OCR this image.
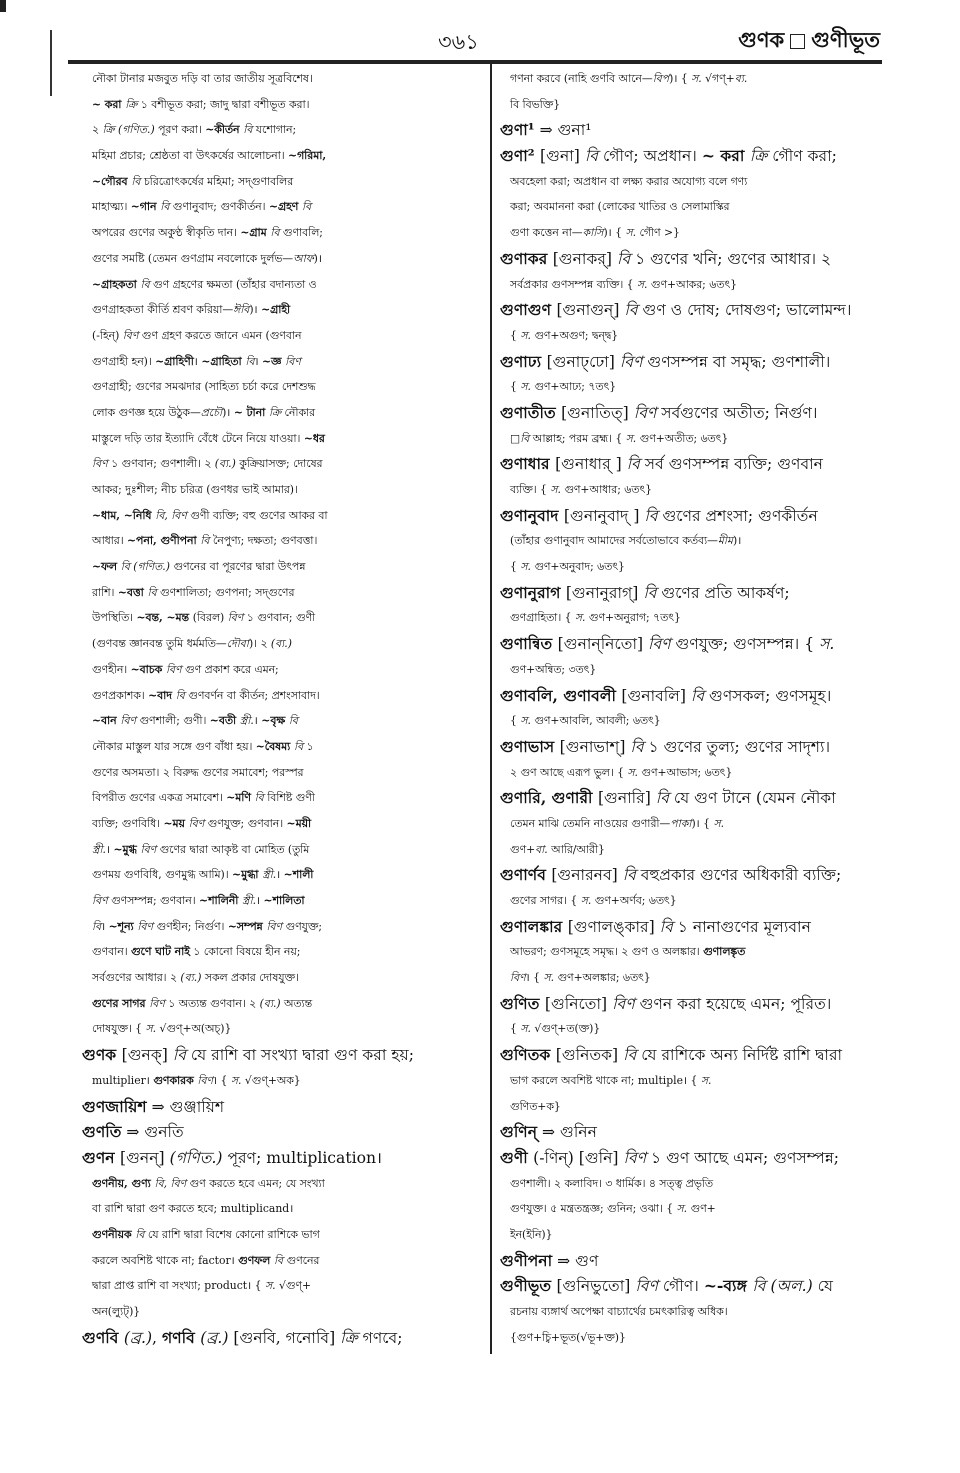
৩৬১	গুণক গুণীভূত
নৌকা টানার মজবুত দড়ি বা তার জাতীয় সূত্রবিশেষ।
~ করা ক্রি ১ বশীভূত করা; জাদু দ্বারা বশীভূত করা।
২ ক্রি (গণিত.) পূরণ করা। ~কীর্তন বি যশোগান;
মহিমা প্রচার; শ্রেষ্ঠতা বা উৎকর্ষের আলোচনা। ~গরিমা,
~গৌরব বি চরিত্রোৎকর্ষের মহিমা; সদ্গুণাবলির
মাহাত্ম্য। ~গান বি গুণানুবাদ; গুণকীর্তন। ~গ্রহণ বি
অপরের গুণের অকুণ্ঠ স্বীকৃতি দান। ~গ্রাম বি গুণাবলি;
গুণের সমষ্টি (তেমন গুণগ্রাম নবলোকে দুর্লভ—আফ)।
~গ্রাহকতা বি গুণ গ্রহণের ক্ষমতা (তাঁহার বদান্যতা ও
গুণগ্রাহকতা কীর্তি শ্রবণ করিয়া—ঈবি)। ~গ্রাহী
(-হিন্) বিণ গুণ গ্রহণ করতে জানে এমন (গুণবান
গুণগ্রাহী হন)। ~গ্রাহিণী। ~গ্রাহিতা বি। ~জ্ঞ বিণ
গুণগ্রাহী; গুণের সমঝদার (সাহিত্য চর্চা করে দেশশুদ্ধ
লোক গুণজ্ঞ হয়ে উঠুক—প্রচৌ)। ~ টানা ক্রি নৌকার
মাস্তুলে দড়ি তার ইত্যাদি বেঁধে টেনে নিয়ে যাওয়া। ~ধর
বিণ ১ গুণবান; গুণশালী। ২ (ব্য.) কুক্রিয়াসক্ত; দোষের
আকর; দুঃশীল; নীচ চরিত্র (গুণধর ভাই আমার)।
~ধাম, ~নিধি বি, বিণ গুণী ব্যক্তি; বহু গুণের আকর বা
আধার। ~পনা, গুণীপনা বি নৈপুণ্য; দক্ষতা; গুণবত্তা।
~ফল বি (গণিত.) গুণনের বা পূরণের দ্বারা উৎপন্ন
রাশি। ~বত্তা বি গুণশালিতা; গুণপনা; সদ্গুণের
উপস্থিতি। ~বন্ত, ~মন্ত (বিরল) বিণ ১ গুণবান; গুণী
(গুণবন্ত জ্ঞানবন্ত তুমি ধর্মমতি—দৌবা)। ২ (ব্য.)
গুণহীন। ~বাচক বিণ গুণ প্রকাশ করে এমন;
গুণপ্রকাশক। ~বাদ বি গুণবর্ণন বা কীর্তন; প্রশংসাবাদ।
~বান বিণ গুণশালী; গুণী। ~বতী স্ত্রী.। ~বৃক্ষ বি
নৌকার মাস্তুল যার সঙ্গে গুণ বাঁধা হয়। ~বৈষম্য বি ১
গুণের অসমতা। ২ বিরুদ্ধ গুণের সমাবেশ; পরস্পর
বিপরীত গুণের একত্র সমাবেশ। ~মণি বি বিশিষ্ট গুণী
ব্যক্তি; গুণবিধি। ~ময় বিণ গুণযুক্ত; গুণবান। ~ময়ী
স্ত্রী.। ~মুগ্ধ বিণ গুণের দ্বারা আকৃষ্ট বা মোহিত (তুমি
গুণময় গুণবিধি, গুণমুগ্ধ আমি)। ~মুগ্ধা স্ত্রী.। ~শালী
বিণ গুণসম্পন্ন; গুণবান। ~শালিনী স্ত্রী.। ~শালিতা
বি। ~শূন্য বিণ গুণহীন; নির্গুণ। ~সম্পন্ন বিণ গুণযুক্ত;
গুণবান। গুণে ঘাট নাই ১ কোনো বিষয়ে হীন নয়;
সর্বগুণের আধার। ২ (ব্য.) সকল প্রকার দোষযুক্ত।
গুণের সাগর বিণ ১ অত্যন্ত গুণবান। ২ (ব্য.) অত্যন্ত
দোষযুক্ত। { স. √গুণ্+অ(অচ্)}
গুণক [গুনক্] বি যে রাশি বা সংখ্যা দ্বারা গুণ করা হয়;
multiplier। গুণকারক বিণ। { স. √গুণ্+অক}
গুণজায়িশ ⇒ গুঞ্জায়িশ
গুণতি ⇒ গুনতি
গুণন [গুনন্] (গণিত.) পূরণ; multiplication।
গুণনীয়, গুণ্য বি, বিণ গুণ করতে হবে এমন; যে সংখ্যা
বা রাশি দ্বারা গুণ করতে হবে; multiplicand।
গুণনীয়ক বি যে রাশি দ্বারা বিশেষ কোনো রাশিকে ভাগ
করলে অবশিষ্ট থাকে না; factor। গুণফল বি গুণনের
দ্বারা প্রাপ্ত রাশি বা সংখ্যা; product। { স. √গুণ্+
অন(ল্যুট্)}
গুণবি (ব্র.), গণবি (ব্র.) [গুনবি, গনোবি] ক্রি গণবে;
গণনা করবে (নাহি গুণবি আনে—বিপ)। { স. √গণ্+ব্য.
বি বিভক্তি}
গুণা¹ ⇒ গুনা¹
গুণা² [গুনা] বি গৌণ; অপ্রধান। ~ করা ক্রি গৌণ করা;
অবহেলা করা; অপ্রধান বা লক্ষ্য করার অযোগ্য বলে গণ্য
করা; অবমাননা করা (লোকের খাতির ও সেলামাস্কির
গুণা কত্তেন না—কাসি)। { স. গৌণ >}
গুণাকর [গুনাকর্] বি ১ গুণের খনি; গুণের আধার। ২
সর্বপ্রকার গুণসম্পন্ন ব্যক্তি। { স. গুণ+আকর; ৬তৎ}
গুণাগুণ [গুনাগুন্] বি গুণ ও দোষ; দোষগুণ; ভালোমন্দ।
{ স. গুণ+অগুণ; দ্বন্দ্ব}
গুণাঢ্য [গুনাঢ্‌ঢো] বিণ গুণসম্পন্ন বা সমৃদ্ধ; গুণশালী।
{ স. গুণ+আঢ্য; ৭তৎ}
গুণাতীত [গুনাতিত্] বিণ সর্বগুণের অতীত; নির্গুণ।
□বি আল্লাহ; পরম ব্রহ্ম। { স. গুণ+অতীত; ৬তৎ}
গুণাধার [গুনাধার্ ] বি সর্ব গুণসম্পন্ন ব্যক্তি; গুণবান
ব্যক্তি। { স. গুণ+আধার; ৬তৎ}
গুণানুবাদ [গুনানুবাদ্ ] বি গুণের প্রশংসা; গুণকীর্তন
(তাঁহার গুণানুবাদ আমাদের সর্বতোভাবে কর্তব্য—মীম)।
{ স. গুণ+অনুবাদ; ৬তৎ}
গুণানুরাগ [গুনানুরাগ্] বি গুণের প্রতি আকর্ষণ;
গুণগ্রাহিতা। { স. গুণ+অনুরাগ; ৭তৎ}
গুণান্বিত [গুনান্‌নিতো] বিণ গুণযুক্ত; গুণসম্পন্ন। { স.
গুণ+অন্বিত; ৩তৎ}
গুণাবলি, গুণাবলী [গুনাবলি] বি গুণসকল; গুণসমূহ।
{ স. গুণ+আবলি, আবলী; ৬তৎ}
গুণাভাস [গুনাভাশ্] বি ১ গুণের তুল্য; গুণের সাদৃশ্য।
২ গুণ আছে এরূপ ভুল। { স. গুণ+আভাস; ৬তৎ}
গুণারি, গুণারী [গুনারি] বি যে গুণ টানে (যেমন নৌকা
তেমন মাঝি তেমনি নাওয়ের গুণারী—পাকা)। { স.
গুণ+বা. আরি/আরী}
গুণার্ণব [গুনারনব] বি বহুপ্রকার গুণের অধিকারী ব্যক্তি;
গুণের সাগর। { স. গুণ+অর্ণব; ৬তৎ}
গুণালঙ্কার [গুণালঙ্‌কার] বি ১ নানাগুণের মূল্যবান
আভরণ; গুণসমূহে সমৃদ্ধ। ২ গুণ ও অলঙ্কার। গুণালঙ্কৃত
বিণ। { স. গুণ+অলঙ্কার; ৬তৎ}
গুণিত [গুনিতো] বিণ গুণন করা হয়েছে এমন; পূরিত।
{ স. √গুণ্+ত(ক্ত)}
গুণিতক [গুনিতক] বি যে রাশিকে অন্য নির্দিষ্ট রাশি দ্বারা
ভাগ করলে অবশিষ্ট থাকে না; multiple। { স.
গুণিত+ক}
গুণিন্ ⇒ গুনিন
গুণী (-ণিন্) [গুনি] বিণ ১ গুণ আছে এমন; গুণসম্পন্ন;
গুণশালী। ২ কলাবিদ। ৩ ধার্মিক। ৪ সত্ত্ব প্রভৃতি
গুণযুক্ত। ৫ মন্ত্রতন্ত্রজ্ঞ; গুনিন; ওঝা। { স. গুণ+
ইন(ইনি)}
গুণীপনা ⇒ গুণ
গুণীভূত [গুনিভুতো] বিণ গৌণ। ~-ব্যঙ্গ বি (অল.) যে
রচনায় ব্যঙ্গার্থ অপেক্ষা বাচ্যার্থের চমৎকারিত্ব অধিক।
{গুণ+চ্বি+ভূত(√ভূ+ক্ত)}
